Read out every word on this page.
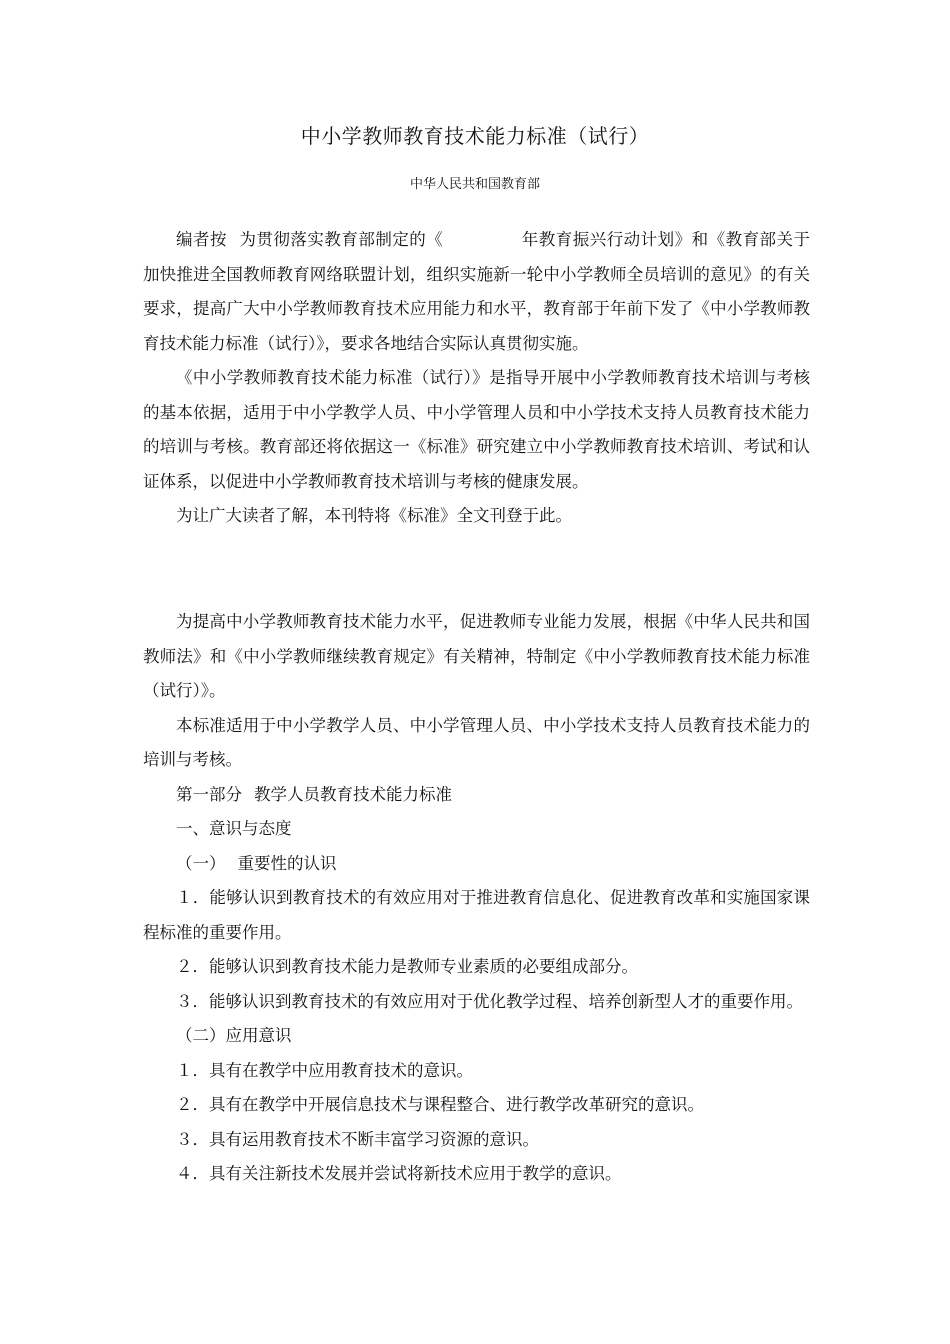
中小学教师教育技术能力标准（试行）
中华人民共和国教育部

编者按 为贯彻落实教育部制定的《	年教育振兴行动计划》和《教育部关于加快推进全国教师教育网络联盟计划，组织实施新一轮中小学教师全员培训的意见》的有关要求，提高广大中小学教师教育技术应用能力和水平，教育部于年前下发了《中小学教师教育技术能力标准（试行）》，要求各地结合实际认真贯彻实施。

《中小学教师教育技术能力标准（试行）》是指导开展中小学教师教育技术培训与考核的基本依据，适用于中小学教学人员、中小学管理人员和中小学技术支持人员教育技术能力的培训与考核。教育部还将依据这一《标准》研究建立中小学教师教育技术培训、考试和认证体系，以促进中小学教师教育技术培训与考核的健康发展。

为让广大读者了解，本刊特将《标准》全文刊登于此。

为提高中小学教师教育技术能力水平，促进教师专业能力发展，根据《中华人民共和国教师法》和《中小学教师继续教育规定》有关精神，特制定《中小学教师教育技术能力标准（试行）》。

本标准适用于中小学教学人员、中小学管理人员、中小学技术支持人员教育技术能力的培训与考核。

第一部分 教学人员教育技术能力标准

一、意识与态度

（一） 重要性的认识

１．能够认识到教育技术的有效应用对于推进教育信息化、促进教育改革和实施国家课程标准的重要作用。

２．能够认识到教育技术能力是教师专业素质的必要组成部分。

３．能够认识到教育技术的有效应用对于优化教学过程、培养创新型人才的重要作用。

（二）应用意识

１．具有在教学中应用教育技术的意识。

２．具有在教学中开展信息技术与课程整合、进行教学改革研究的意识。

３．具有运用教育技术不断丰富学习资源的意识。

４．具有关注新技术发展并尝试将新技术应用于教学的意识。
